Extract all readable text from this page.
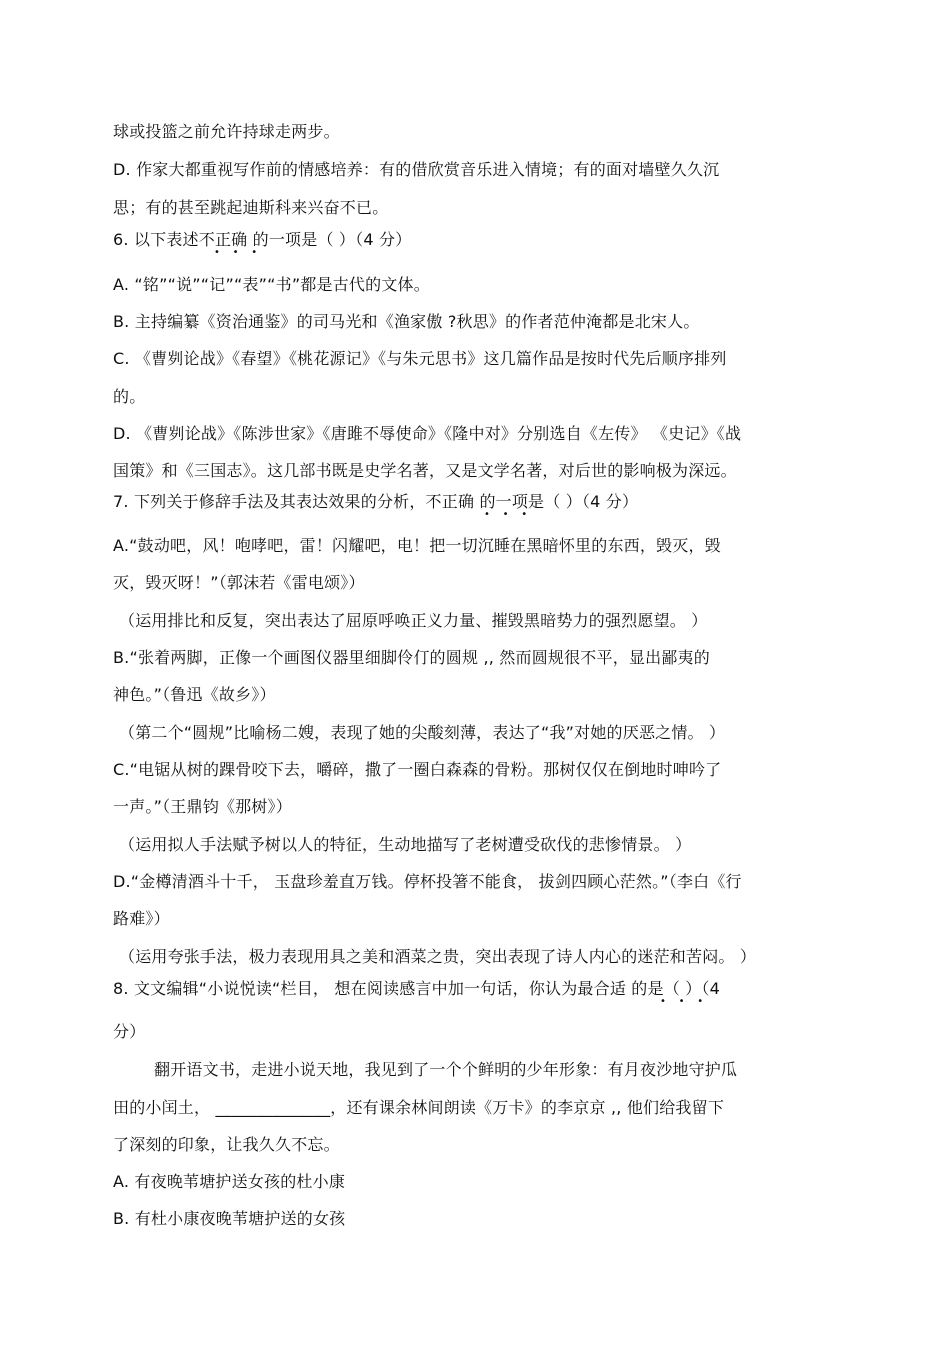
球或投篮之前允许持球走两步。
D. 作家大都重视写作前的情感培养：有的借欣赏音乐进入情境；有的面对墙壁久久沉
思；有的甚至跳起迪斯科来兴奋不已。
6. 以下表述不正确 的一项是（ ）（4 分）
•    •    •
A. “铭”“说”“记”“表”“书”都是古代的文体。
B. 主持编纂《资治通鉴》的司马光和《渔家傲 ?秋思》的作者范仲淹都是北宋人。
C. 《曹刿论战》《春望》《桃花源记》《与朱元思书》这几篇作品是按时代先后顺序排列
的。
D. 《曹刿论战》《陈涉世家》《唐雎不辱使命》《隆中对》分别选自《左传》 《史记》《战
国策》和《三国志》。这几部书既是史学名著，又是文学名著，对后世的影响极为深远。
7. 下列关于修辞手法及其表达效果的分析，不正确 的一项是（ ）（4 分）
•    •    •
A.“鼓动吧，风！咆哮吧，雷！闪耀吧，电！把一切沉睡在黑暗怀里的东西，毁灭，毁
灭，毁灭呀！”（郭沫若《雷电颂》）
（运用排比和反复，突出表达了屈原呼唤正义力量、摧毁黑暗势力的强烈愿望。 ）
B.“张着两脚，正像一个画图仪器里细脚伶仃的圆规 ,, 然而圆规很不平，显出鄙夷的
神色。”（鲁迅《故乡》）
（第二个“圆规”比喻杨二嫂，表现了她的尖酸刻薄，表达了“我”对她的厌恶之情。 ）
C.“电锯从树的踝骨咬下去，嚼碎，撒了一圈白森森的骨粉。那树仅仅在倒地时呻吟了
一声。”（王鼎钧《那树》）
（运用拟人手法赋予树以人的特征，生动地描写了老树遭受砍伐的悲惨情景。 ）
D.“金樽清酒斗十千， 玉盘珍羞直万钱。停杯投箸不能食， 拔剑四顾心茫然。”（李白《行
路难》）
（运用夸张手法，极力表现用具之美和酒菜之贵，突出表现了诗人内心的迷茫和苦闷。 ）
8. 文文编辑“小说悦读“栏目， 想在阅读感言中加一句话，你认为最合适 的是（ ）（4
•    •    •
分）
翻开语文书，走进小说天地，我见到了一个个鲜明的少年形象：有月夜沙地守护瓜
田的小闰土， ______________，还有课余林间朗读《万卡》的李京京 ,, 他们给我留下
了深刻的印象，让我久久不忘。
A. 有夜晚苇塘护送女孩的杜小康
B. 有杜小康夜晚苇塘护送的女孩
